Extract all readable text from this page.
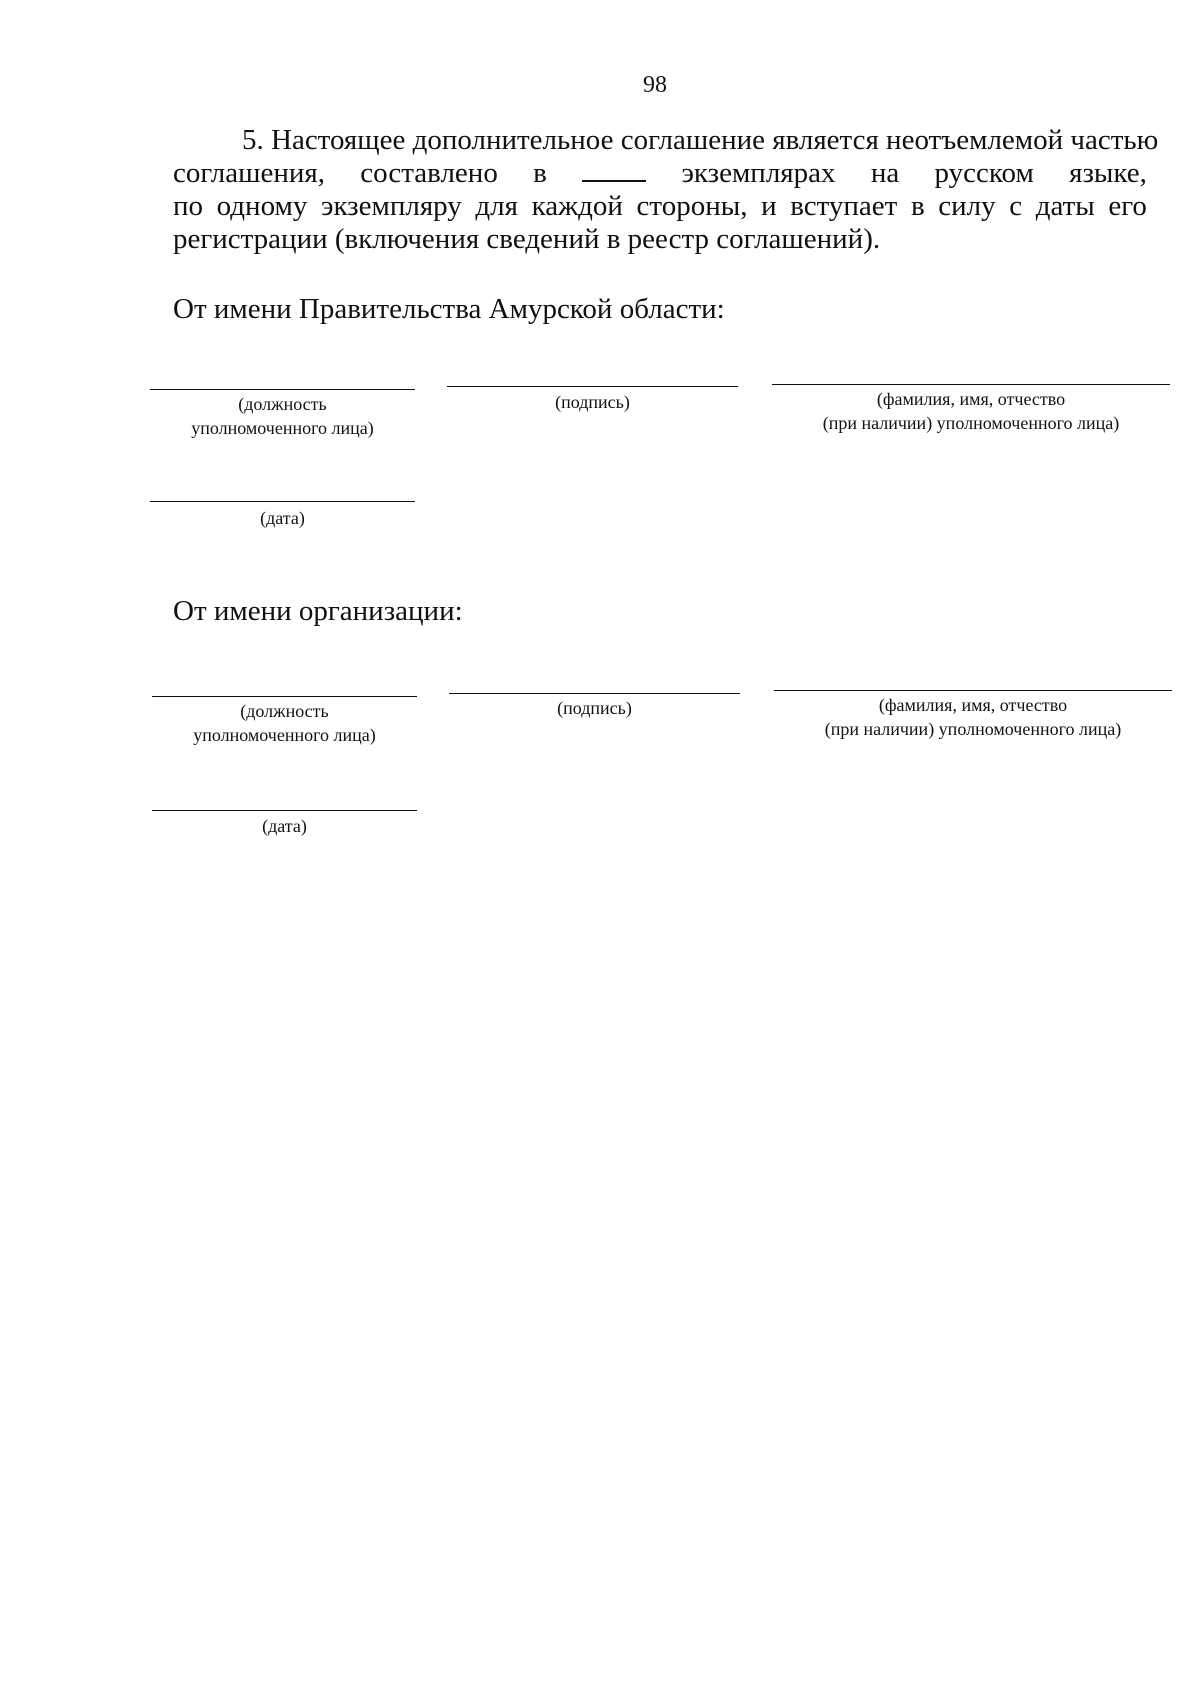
98
5. Настоящее дополнительное соглашение является неотъемлемой частью
соглашения, составлено в	экземплярах на русском языке,
по одному экземпляру для каждой стороны, и вступает в силу с даты его
регистрации (включения сведений в реестр соглашений).
От имени Правительства Амурской области:
(должность
уполномоченного лица)
(подпись)	(фамилия, имя, отчество
(при наличии) уполномоченного лица)
(дата)
От имени организации:
(должность
уполномоченного лица)
(подпись)	(фамилия, имя, отчество
(при наличии) уполномоченного лица)
(дата)
